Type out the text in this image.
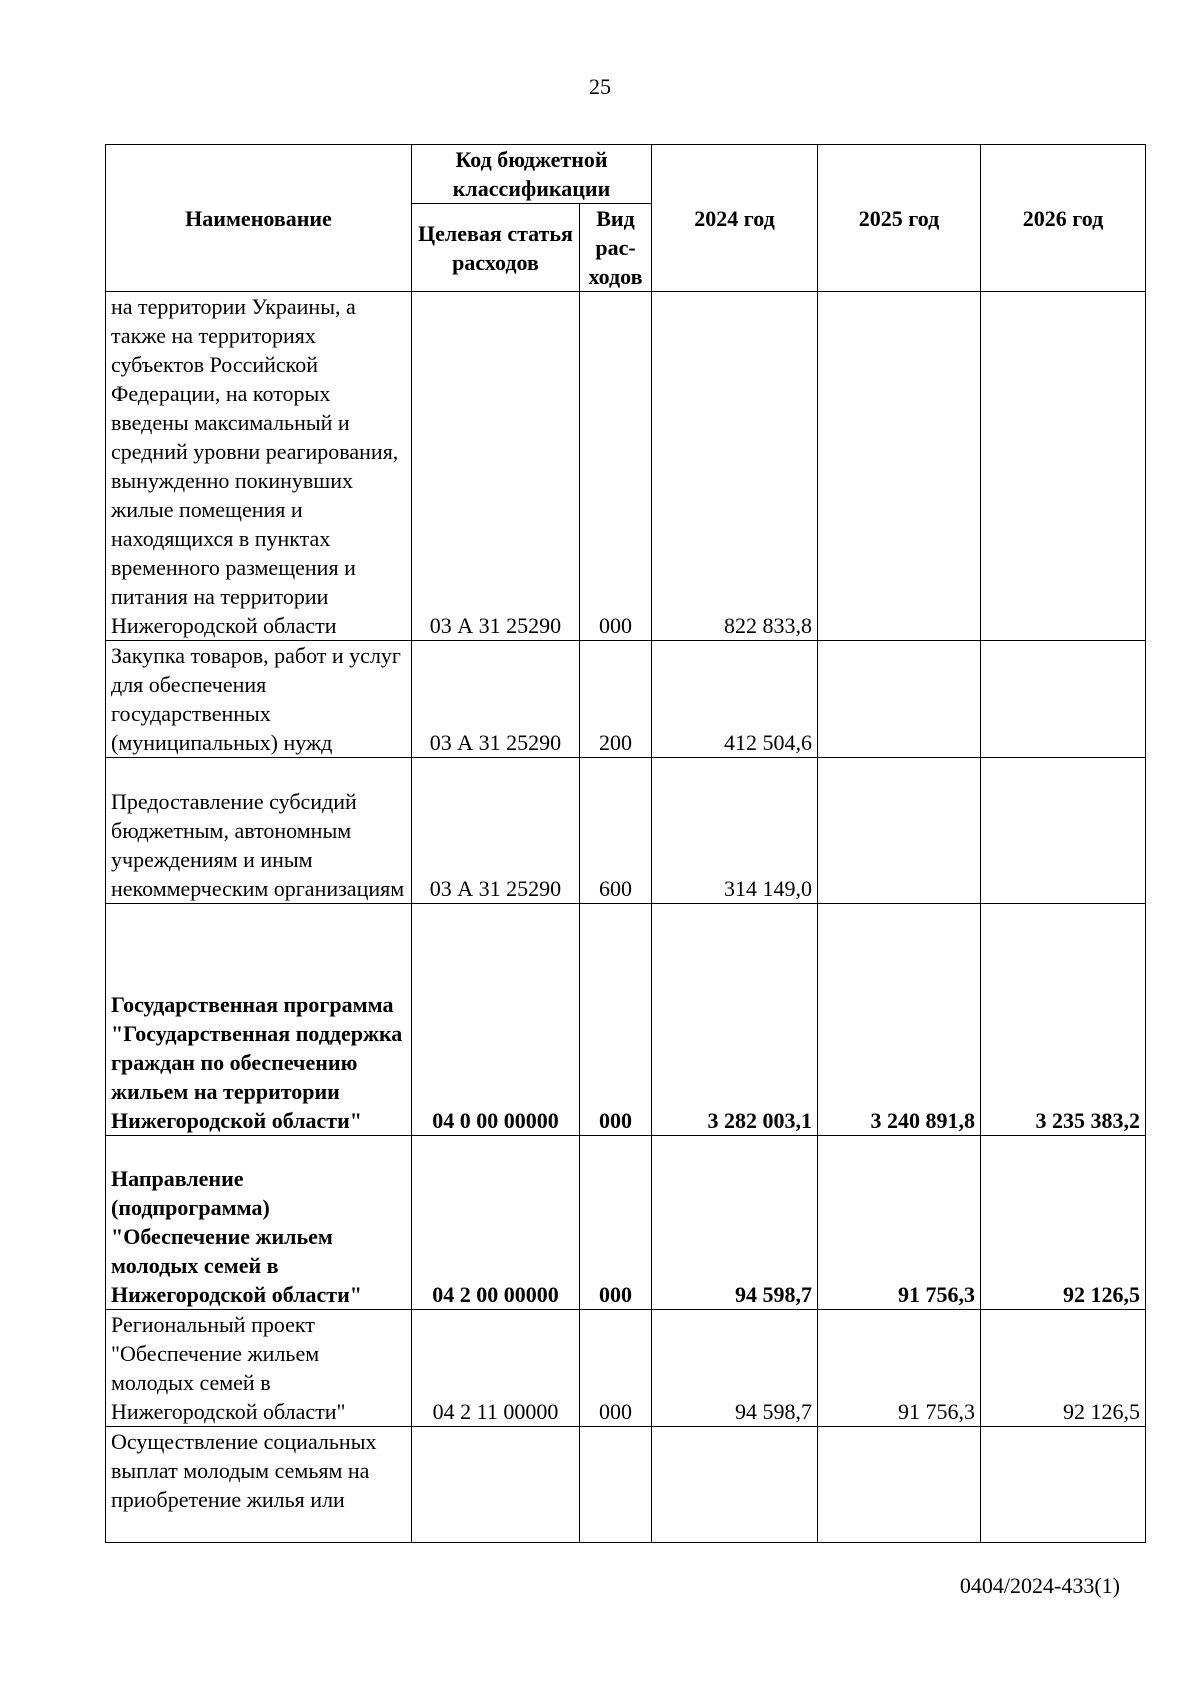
25
Наименование	Код бюджетной классификации		2024 год	2025 год	2026 год
	Целевая статья расходов	Вид рас-ходов			
на территории Украины, а также на территориях субъектов Российской Федерации, на которых введены максимальный и средний уровни реагирования, вынужденно покинувших жилые помещения и находящихся в пунктах временного размещения и питания на территории Нижегородской области	03 А 31 25290	000	822 833,8		
Закупка товаров, работ и услуг для обеспечения государственных (муниципальных) нужд	03 А 31 25290	200	412 504,6		
Предоставление субсидий бюджетным, автономным учреждениям и иным некоммерческим организациям	03 А 31 25290	600	314 149,0		
Государственная программа "Государственная поддержка граждан по обеспечению жильем на территории Нижегородской области"	04 0 00 00000	000	3 282 003,1	3 240 891,8	3 235 383,2
Направление (подпрограмма) "Обеспечение жильем молодых семей в Нижегородской области"	04 2 00 00000	000	94 598,7	91 756,3	92 126,5
Региональный проект "Обеспечение жильем молодых семей в Нижегородской области"	04 2 11 00000	000	94 598,7	91 756,3	92 126,5
Осуществление социальных выплат молодым семьям на приобретение жилья или					
0404/2024-433(1)
